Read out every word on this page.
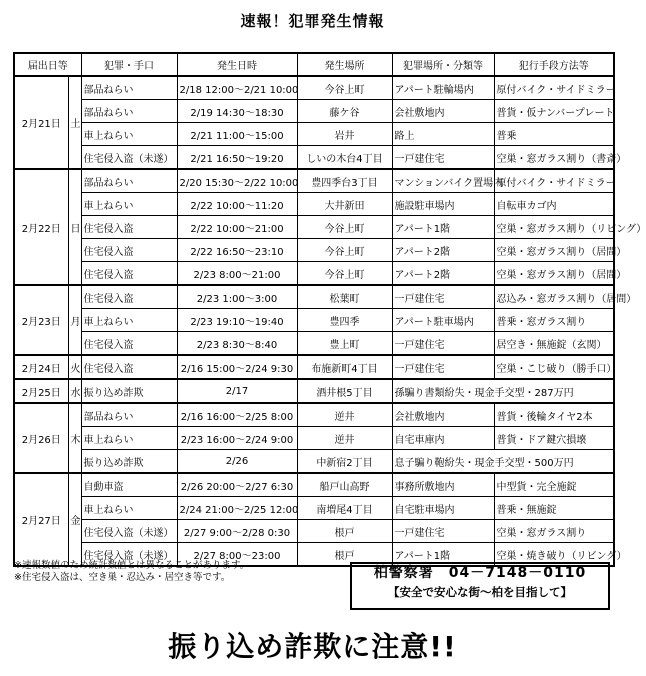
速報！犯罪発生情報
届出日等		犯罪・手口	発生日時	発生場所	犯罪場所・分類等	犯行手段方法等
2月21日	土	部品ねらい	2/18 12:00～2/21 10:00	今谷上町	アパート駐輪場内	原付バイク・サイドミラー
		部品ねらい	2/19 14:30～18:30	藤ケ谷	会社敷地内	普貨・仮ナンバープレート
		車上ねらい	2/21 11:00～15:00	岩井	路上	普乗
		住宅侵入盗（未遂）	2/21 16:50～19:20	しいの木台4丁目	一戸建住宅	空巣・窓ガラス割り（書斎）
2月22日	日	部品ねらい	2/20 15:30～2/22 10:00	豊四季台3丁目	マンションバイク置場内	原付バイク・サイドミラー
		車上ねらい	2/22 10:00～11:20	大井新田	施設駐車場内	自転車カゴ内
		住宅侵入盗	2/22 10:00～21:00	今谷上町	アパート1階	空巣・窓ガラス割り（リビング）
		住宅侵入盗	2/22 16:50～23:10	今谷上町	アパート2階	空巣・窓ガラス割り（居間）
		住宅侵入盗	2/23 8:00～21:00	今谷上町	アパート2階	空巣・窓ガラス割り（居間）
2月23日	月	住宅侵入盗	2/23 1:00～3:00	松葉町	一戸建住宅	忍込み・窓ガラス割り（居間）
		車上ねらい	2/23 19:10～19:40	豊四季	アパート駐車場内	普乗・窓ガラス割り
		住宅侵入盗	2/23 8:30～8:40	豊上町	一戸建住宅	居空き・無施錠（玄関）
2月24日	火	住宅侵入盗	2/16 15:00～2/24 9:30	布施新町4丁目	一戸建住宅	空巣・こじ破り（勝手口）
2月25日	水	振り込め詐欺	2/17	酒井根5丁目	孫騙り書類紛失・現金手交型・287万円	
2月26日	木	部品ねらい	2/16 16:00～2/25 8:00	逆井	会社敷地内	普貨・後輪タイヤ2本
		車上ねらい	2/23 16:00～2/24 9:00	逆井	自宅車庫内	普貨・ドア鍵穴損壊
		振り込め詐欺	2/26	中新宿2丁目	息子騙り鞄紛失・現金手交型・500万円	
2月27日	金	自動車盗	2/26 20:00～2/27 6:30	船戸山高野	事務所敷地内	中型貨・完全施錠
		車上ねらい	2/24 21:00～2/25 12:00	南増尾4丁目	自宅駐車場内	普乗・無施錠
		住宅侵入盗（未遂）	2/27 9:00～2/28 0:30	根戸	一戸建住宅	空巣・窓ガラス割り
		住宅侵入盗（未遂）	2/27 8:00～23:00	根戸	アパート1階	空巣・焼き破り（リビング）
※速報数値のため統計数値とは異なることがあります。
※住宅侵入盗は、空き巣・忍込み・居空き等です。	柏警察署　04－7148－0110
【安全で安心な街～柏を目指して】
振り込め詐欺に注意!!
